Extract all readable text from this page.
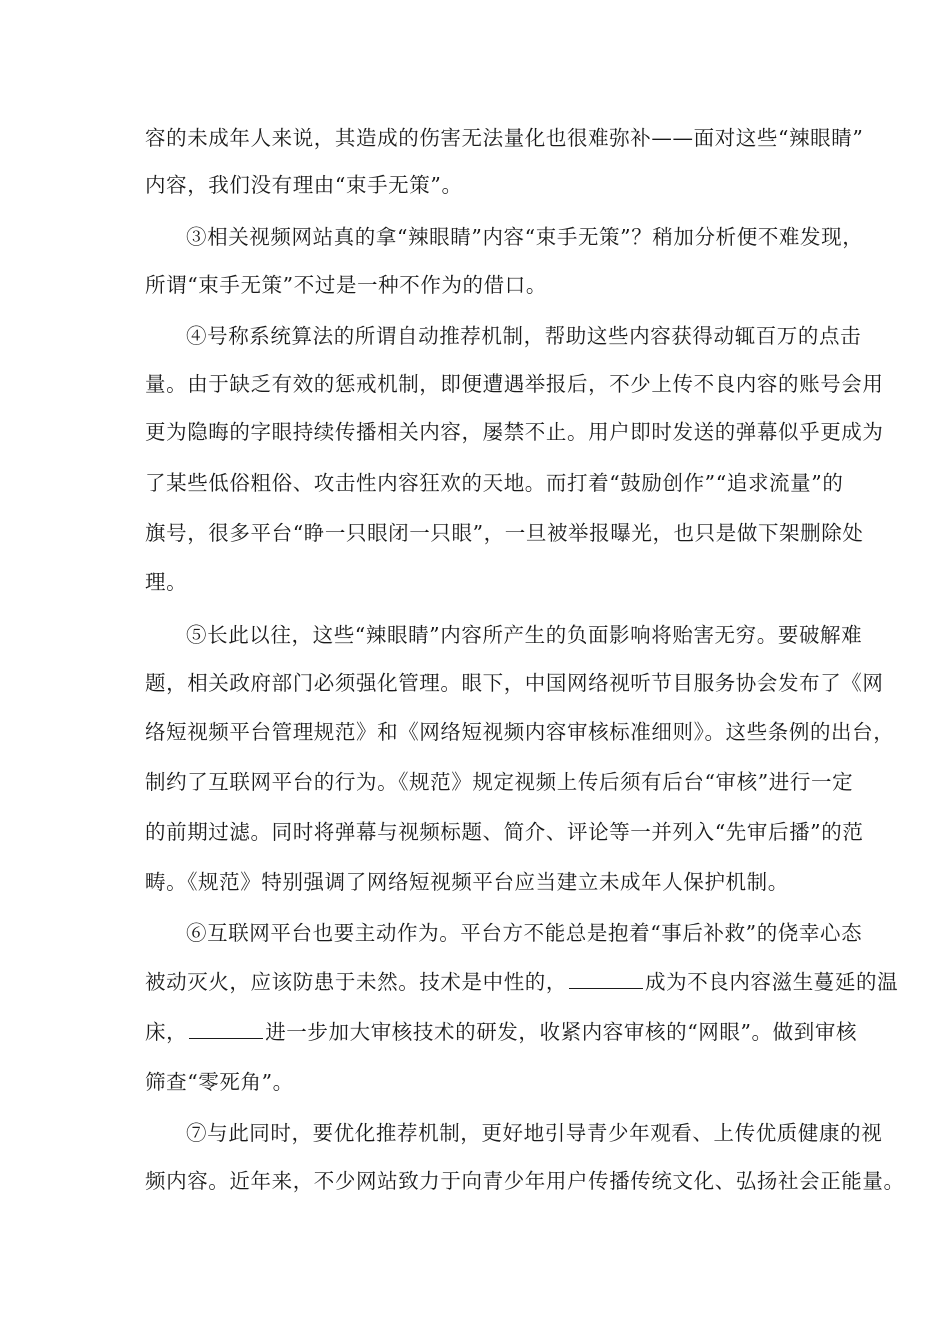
容的未成年人来说，其造成的伤害无法量化也很难弥补——面对这些“辣眼睛”
内容，我们没有理由“束手无策”。
③相关视频网站真的拿“辣眼睛”内容“束手无策”？稍加分析便不难发现，
所谓“束手无策”不过是一种不作为的借口。
④号称系统算法的所谓自动推荐机制，帮助这些内容获得动辄百万的点击
量。由于缺乏有效的惩戒机制，即便遭遇举报后，不少上传不良内容的账号会用
更为隐晦的字眼持续传播相关内容，屡禁不止。用户即时发送的弹幕似乎更成为
了某些低俗粗俗、攻击性内容狂欢的天地。而打着“鼓励创作”“追求流量”的
旗号，很多平台“睁一只眼闭一只眼”，一旦被举报曝光，也只是做下架删除处
理。
⑤长此以往，这些“辣眼睛”内容所产生的负面影响将贻害无穷。要破解难
题，相关政府部门必须强化管理。眼下，中国网络视听节目服务协会发布了《网
络短视频平台管理规范》和《网络短视频内容审核标准细则》。这些条例的出台，
制约了互联网平台的行为。《规范》规定视频上传后须有后台“审核”进行一定
的前期过滤。同时将弹幕与视频标题、简介、评论等一并列入“先审后播”的范
畴。《规范》特别强调了网络短视频平台应当建立未成年人保护机制。
⑥互联网平台也要主动作为。平台方不能总是抱着“事后补救”的侥幸心态
被动灭火，应该防患于未然。技术是中性的，	成为不良内容滋生蔓延的温
床，	进一步加大审核技术的研发，收紧内容审核的“网眼”。做到审核
筛查“零死角”。
⑦与此同时，要优化推荐机制，更好地引导青少年观看、上传优质健康的视
频内容。近年来，不少网站致力于向青少年用户传播传统文化、弘扬社会正能量。
